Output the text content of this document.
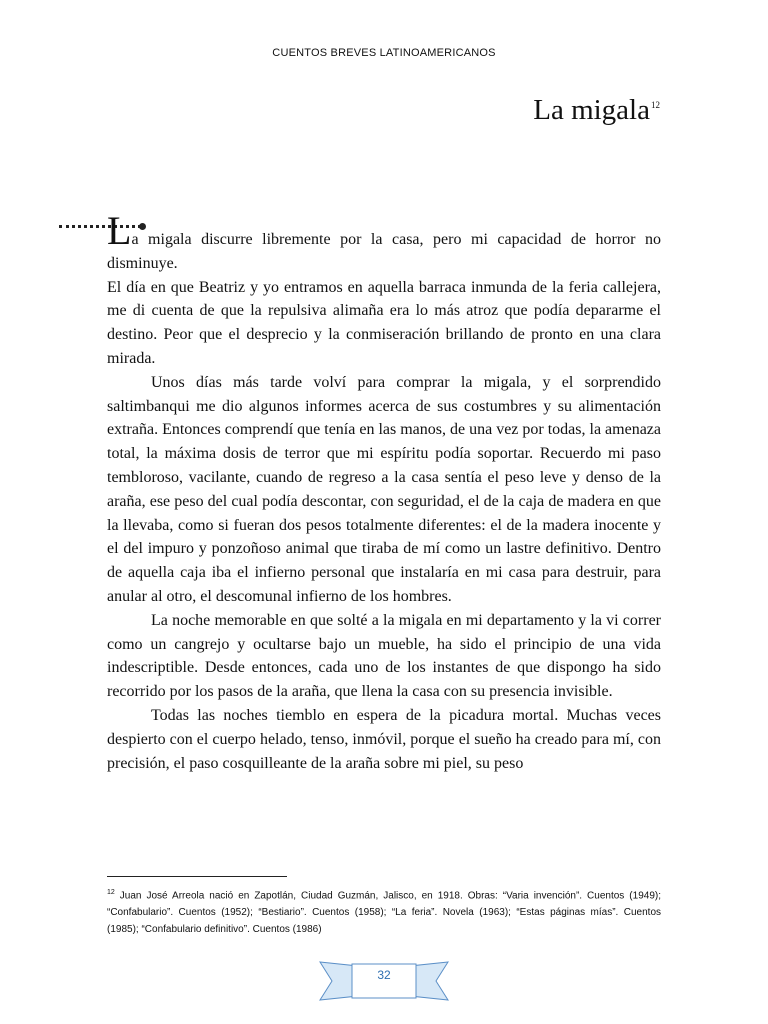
CUENTOS BREVES LATINOAMERICANOS
La migala$^{12}$

La migala discurre libremente por la casa, pero mi capacidad de horror no disminuye.

El día en que Beatriz y yo entramos en aquella barraca inmunda de la feria callejera, me di cuenta de que la repulsiva alimaña era lo más atroz que podía depararme el destino. Peor que el desprecio y la conmiseración brillando de pronto en una clara mirada.

Unos días más tarde volví para comprar la migala, y el sorprendido saltimbanqui me dio algunos informes acerca de sus costumbres y su alimentación extraña. Entonces comprendí que tenía en las manos, de una vez por todas, la amenaza total, la máxima dosis de terror que mi espíritu podía soportar. Recuerdo mi paso tembloroso, vacilante, cuando de regreso a la casa sentía el peso leve y denso de la araña, ese peso del cual podía descontar, con seguridad, el de la caja de madera en que la llevaba, como si fueran dos pesos totalmente diferentes: el de la madera inocente y el del impuro y ponzoñoso animal que tiraba de mí como un lastre definitivo. Dentro de aquella caja iba el infierno personal que instalaría en mi casa para destruir, para anular al otro, el descomunal infierno de los hombres.

La noche memorable en que solté a la migala en mi departamento y la vi correr como un cangrejo y ocultarse bajo un mueble, ha sido el principio de una vida indescriptible. Desde entonces, cada uno de los instantes de que dispongo ha sido recorrido por los pasos de la araña, que llena la casa con su presencia invisible.

Todas las noches tiemblo en espera de la picadura mortal. Muchas veces despierto con el cuerpo helado, tenso, inmóvil, porque el sueño ha creado para mí, con precisión, el paso cosquilleante de la araña sobre mi piel, su peso

$^{12}$ Juan José Arreola nació en Zapotlán, Ciudad Guzmán, Jalisco, en 1918. Obras: “Varia invención”. Cuentos (1949); “Confabulario”. Cuentos (1952); “Bestiario”. Cuentos (1958); “La feria”. Novela (1963); “Estas páginas mías”. Cuentos (1985); “Confabulario definitivo”. Cuentos (1986)
32
